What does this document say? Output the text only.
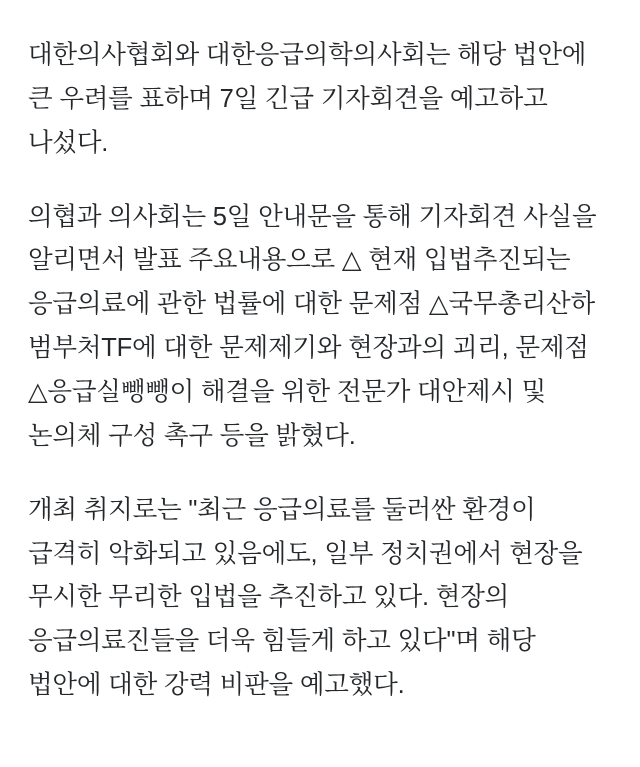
대한의사협회와 대한응급의학의사회는 해당 법안에 큰 우려를 표하며 7일 긴급 기자회견을 예고하고 나섰다.

의협과 의사회는 5일 안내문을 통해 기자회견 사실을 알리면서 발표 주요내용으로 △ 현재 입법추진되는 응급의료에 관한 법률에 대한 문제점 △국무총리산하 범부처TF에 대한 문제제기와 현장과의 괴리, 문제점 △응급실뺑뺑이 해결을 위한 전문가 대안제시 및 논의체 구성 촉구 등을 밝혔다.

개최 취지로는 "최근 응급의료를 둘러싼 환경이 급격히 악화되고 있음에도, 일부 정치권에서 현장을 무시한 무리한 입법을 추진하고 있다. 현장의 응급의료진들을 더욱 힘들게 하고 있다"며 해당 법안에 대한 강력 비판을 예고했다.
